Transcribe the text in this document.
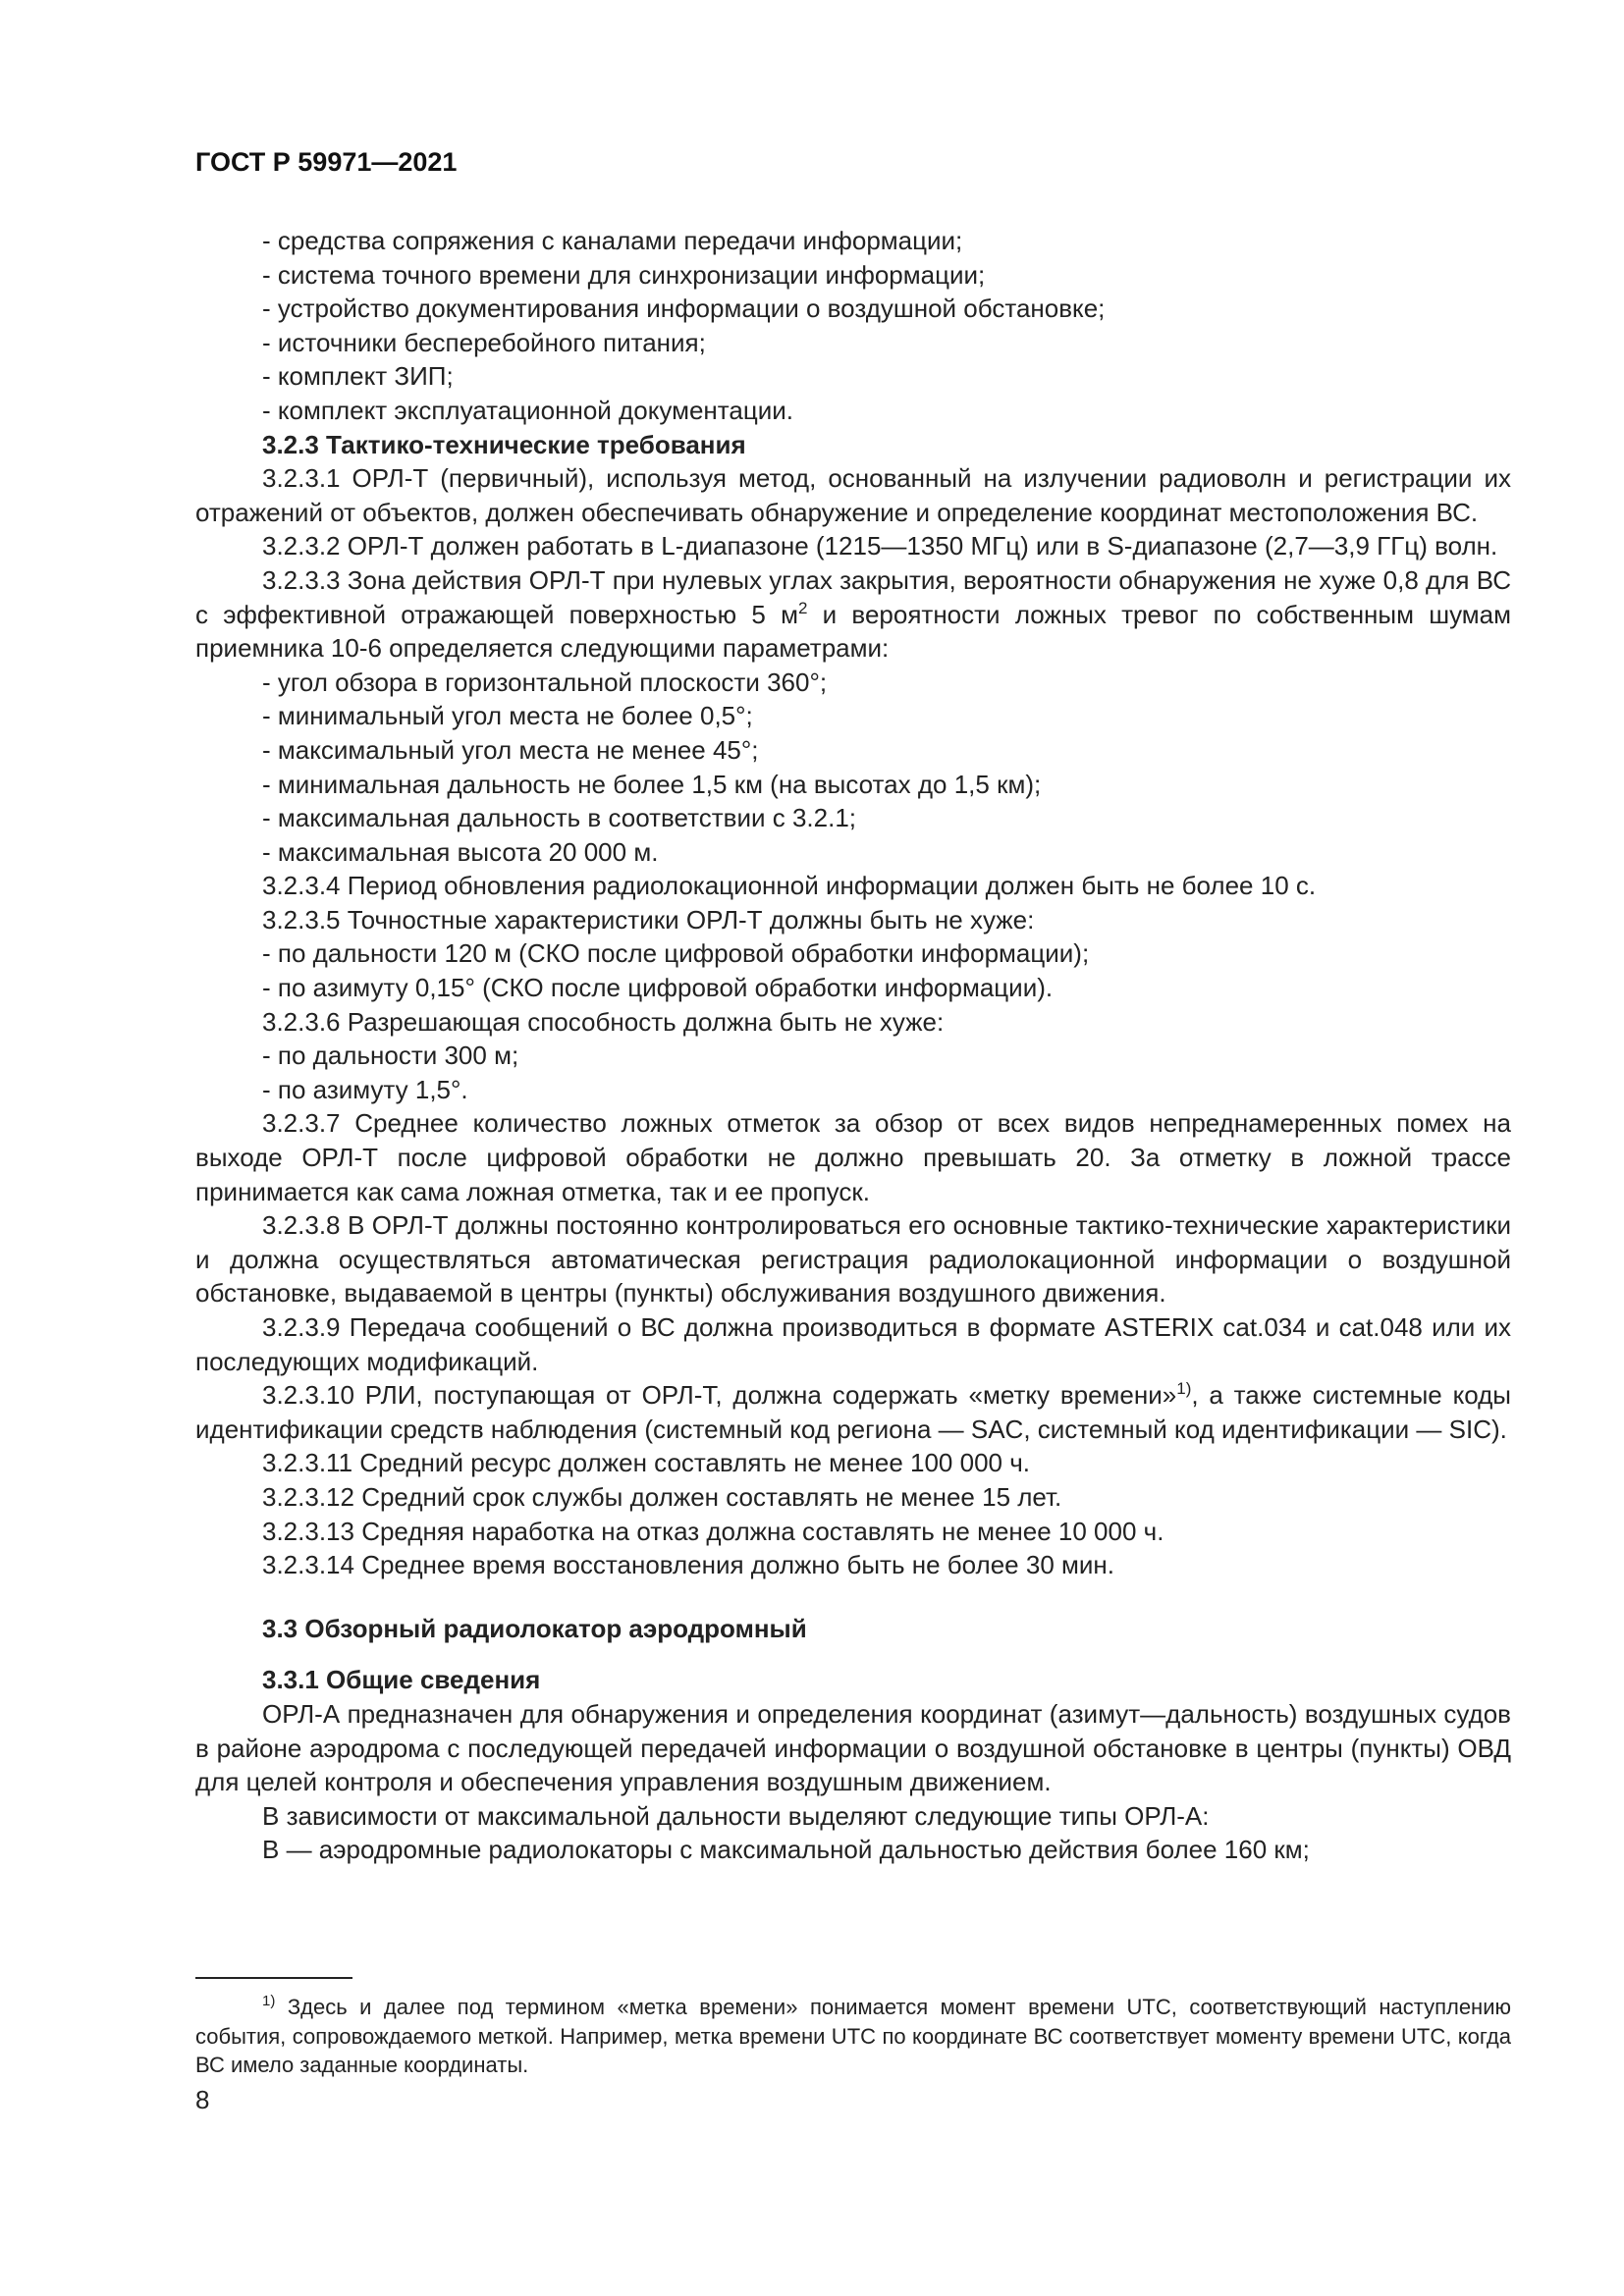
ГОСТ Р 59971—2021

- средства сопряжения с каналами передачи информации;

- система точного времени для синхронизации информации;

- устройство документирования информации о воздушной обстановке;

- источники бесперебойного питания;

- комплект ЗИП;

- комплект эксплуатационной документации.

3.2.3 Тактико-технические требования

3.2.3.1 ОРЛ-Т (первичный), используя метод, основанный на излучении радиоволн и регистрации их отражений от объектов, должен обеспечивать обнаружение и определение координат местоположения ВС.

3.2.3.2 ОРЛ-Т должен работать в L-диапазоне (1215—1350 МГц) или в S-диапазоне (2,7—3,9 ГГц) волн.

3.2.3.3 Зона действия ОРЛ-Т при нулевых углах закрытия, вероятности обнаружения не хуже 0,8 для ВС с эффективной отражающей поверхностью 5 $м^2$ и вероятности ложных тревог по собственным шумам приемника 10-6 определяется следующими параметрами:

- угол обзора в горизонтальной плоскости 360°;

- минимальный угол места не более 0,5°;

- максимальный угол места не менее 45°;

- минимальная дальность не более 1,5 км (на высотах до 1,5 км);

- максимальная дальность в соответствии с 3.2.1;

- максимальная высота 20 000 м.

3.2.3.4 Период обновления радиолокационной информации должен быть не более 10 с.

3.2.3.5 Точностные характеристики ОРЛ-Т должны быть не хуже:

- по дальности 120 м (СКО после цифровой обработки информации);

- по азимуту 0,15° (СКО после цифровой обработки информации).

3.2.3.6 Разрешающая способность должна быть не хуже:

- по дальности 300 м;

- по азимуту 1,5°.

3.2.3.7 Среднее количество ложных отметок за обзор от всех видов непреднамеренных помех на выходе ОРЛ-Т после цифровой обработки не должно превышать 20. За отметку в ложной трассе принимается как сама ложная отметка, так и ее пропуск.

3.2.3.8 В ОРЛ-Т должны постоянно контролироваться его основные тактико-технические характеристики и должна осуществляться автоматическая регистрация радиолокационной информации о воздушной обстановке, выдаваемой в центры (пункты) обслуживания воздушного движения.

3.2.3.9 Передача сообщений о ВС должна производиться в формате ASTERIX cat.034 и cat.048 или их последующих модификаций.

3.2.3.10 РЛИ, поступающая от ОРЛ-Т, должна содержать «метку времени»$^{1)}$, а также системные коды идентификации средств наблюдения (системный код региона — SAC, системный код идентификации — SIC).

3.2.3.11 Средний ресурс должен составлять не менее 100 000 ч.

3.2.3.12 Средний срок службы должен составлять не менее 15 лет.

3.2.3.13 Средняя наработка на отказ должна составлять не менее 10 000 ч.

3.2.3.14 Среднее время восстановления должно быть не более 30 мин.

3.3 Обзорный радиолокатор аэродромный

3.3.1 Общие сведения

ОРЛ-А предназначен для обнаружения и определения координат (азимут—дальность) воздушных судов в районе аэродрома с последующей передачей информации о воздушной обстановке в центры (пункты) ОВД для целей контроля и обеспечения управления воздушным движением.

В зависимости от максимальной дальности выделяют следующие типы ОРЛ-А:

В — аэродромные радиолокаторы с максимальной дальностью действия более 160 км;

$^{1)}$ Здесь и далее под термином «метка времени» понимается момент времени UTC, соответствующий наступлению события, сопровождаемого меткой. Например, метка времени UTC по координате ВС соответствует моменту времени UTC, когда ВС имело заданные координаты.

8
